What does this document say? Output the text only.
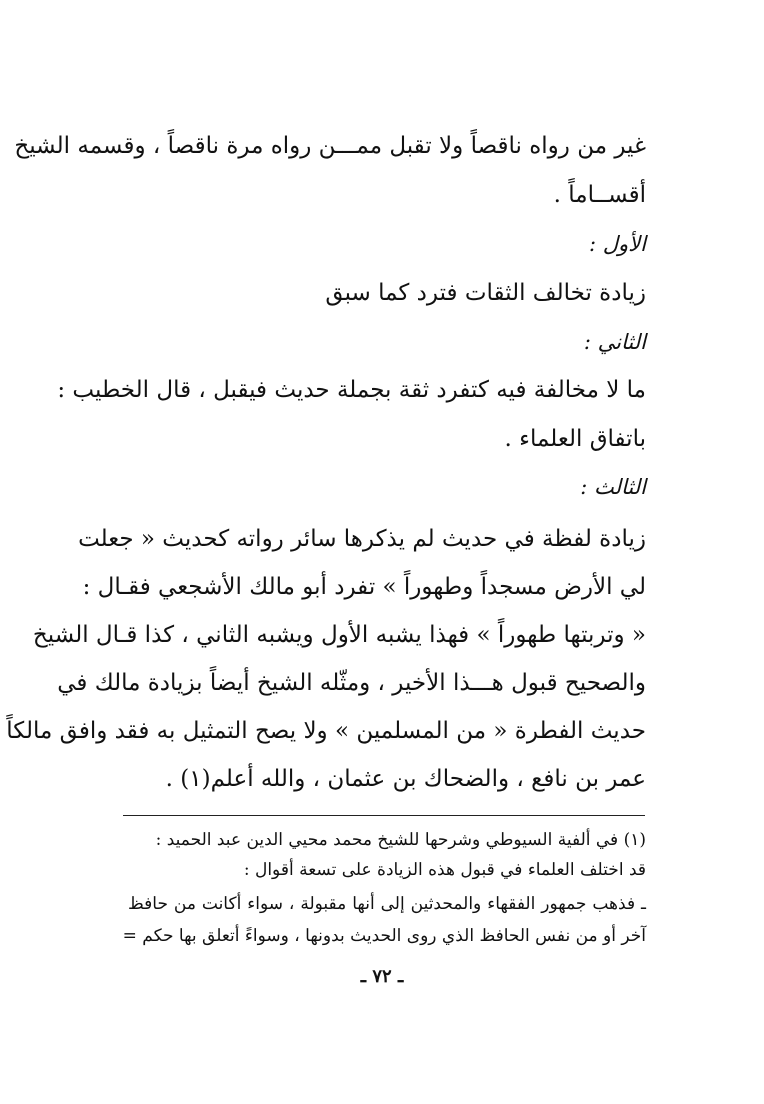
غير من رواه ناقصاً ولا تقبل ممـــن رواه مرة ناقصاً ، وقسمه الشيخ
أقســاماً .
الأول :
زيادة تخالف الثقات فترد كما سبق
الثاني :
ما لا مخالفة فيه كتفرد ثقة بجملة حديث فيقبل ، قال الخطيب :
باتفاق العلماء .
الثالث :
زيادة لفظة في حديث لم يذكرها سائر رواته كحديث « جعلت
لي الأرض مسجداً وطهوراً » تفرد أبو مالك الأشجعي فقـال :
« وتربتها طهوراً » فهذا يشبه الأول ويشبه الثاني ، كذا قـال الشيخ
والصحيح قبول هـــذا الأخير ، ومثّله الشيخ أيضاً بزيادة مالك في
حديث الفطرة « من المسلمين » ولا يصح التمثيل به فقد وافق مالكاً
عمر بن نافع ، والضحاك بن عثمان ، والله أعلم(١) .
(١) في ألفية السيوطي وشرحها للشيخ محمد محيي الدين عبد الحميد :
قد اختلف العلماء في قبول هذه الزيادة على تسعة أقوال :
ـ فذهب جمهور الفقهاء والمحدثين إلى أنها مقبولة ، سواء أكانت من حافظ
آخر أو من نفس الحافظ الذي روى الحديث بدونها ، وسواءً أتعلق بها حكم =
ـ ٧٢ ـ
